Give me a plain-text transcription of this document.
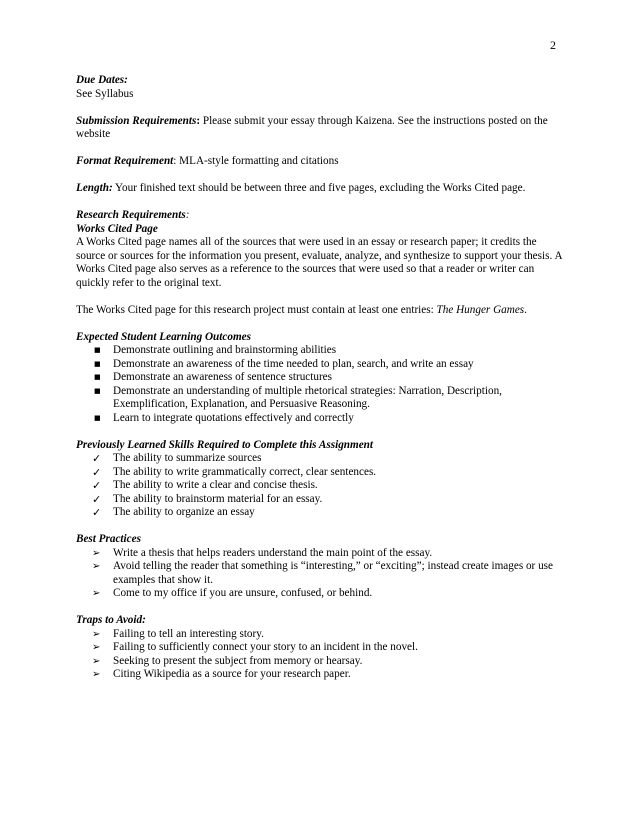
2

Due Dates:
See Syllabus

Submission Requirements: Please submit your essay through Kaizena. See the instructions posted on the website

Format Requirement: MLA-style formatting and citations

Length: Your finished text should be between three and five pages, excluding the Works Cited page.

Research Requirements:
Works Cited Page
A Works Cited page names all of the sources that were used in an essay or research paper; it credits the source or sources for the information you present, evaluate, analyze, and synthesize to support your thesis. A Works Cited page also serves as a reference to the sources that were used so that a reader or writer can quickly refer to the original text.

The Works Cited page for this research project must contain at least one entries: The Hunger Games.

Expected Student Learning Outcomes

■	Demonstrate outlining and brainstorming abilities
■	Demonstrate an awareness of the time needed to plan, search, and write an essay
■	Demonstrate an awareness of sentence structures
■	Demonstrate an understanding of multiple rhetorical strategies: Narration, Description, Exemplification, Explanation, and Persuasive Reasoning.
■	Learn to integrate quotations effectively and correctly

Previously Learned Skills Required to Complete this Assignment

✓	The ability to summarize sources
✓	The ability to write grammatically correct, clear sentences.
✓	The ability to write a clear and concise thesis.
✓	The ability to brainstorm material for an essay.
✓	The ability to organize an essay

Best Practices

➢	Write a thesis that helps readers understand the main point of the essay.
➢	Avoid telling the reader that something is “interesting,” or “exciting”; instead create images or use examples that show it.
➢	Come to my office if you are unsure, confused, or behind.

Traps to Avoid:

➢	Failing to tell an interesting story.
➢	Failing to sufficiently connect your story to an incident in the novel.
➢	Seeking to present the subject from memory or hearsay.
➢	Citing Wikipedia as a source for your research paper.
